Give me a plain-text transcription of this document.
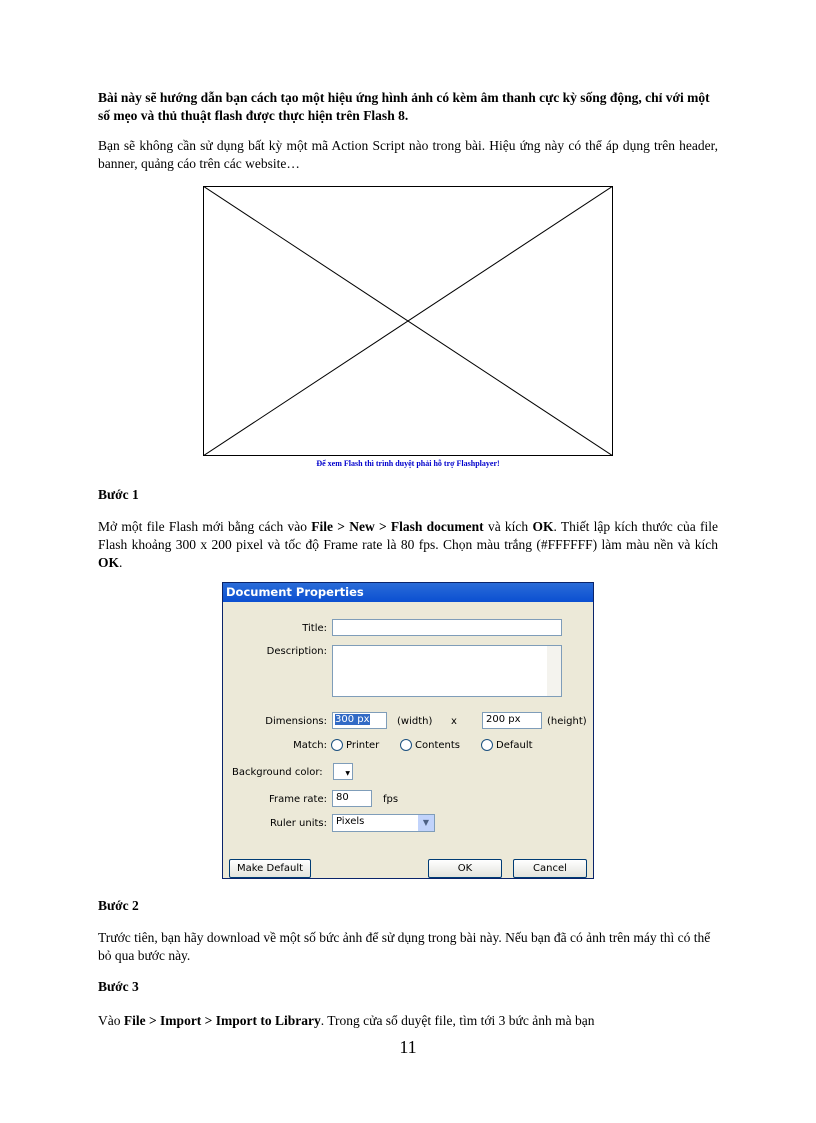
Bài này sẽ hướng dẫn bạn cách tạo một hiệu ứng hình ảnh có kèm âm thanh cực kỳ sống động, chỉ với một số mẹo và thủ thuật flash được thực hiện trên Flash 8.
Bạn sẽ không cần sử dụng bất kỳ một mã Action Script nào trong bài. Hiệu ứng này có thể áp dụng trên header, banner, quảng cáo trên các website…
Để xem Flash thì trình duyệt phải hỗ trợ Flashplayer!
Bước 1
Mở một file Flash mới bằng cách vào File > New > Flash document và kích OK. Thiết lập kích thước của file Flash khoảng 300 x 200 pixel và tốc độ Frame rate là 80 fps. Chọn màu trắng (#FFFFFF) làm màu nền và kích OK.
Document Properties
Title:
Description:
Dimensions: 300 px	(width) x	200 px	(height)
Match: Printer	Contents	Default
Background color:	▼
Frame rate: 80	fps
Ruler units: Pixels	▼
Make Default	OK	Cancel
Bước 2
Trước tiên, bạn hãy download về một số bức ảnh để sử dụng trong bài này. Nếu bạn đã có ảnh trên máy thì có thể bỏ qua bước này.
Bước 3
Vào File > Import > Import to Library. Trong cửa sổ duyệt file, tìm tới 3 bức ảnh mà bạn
11
